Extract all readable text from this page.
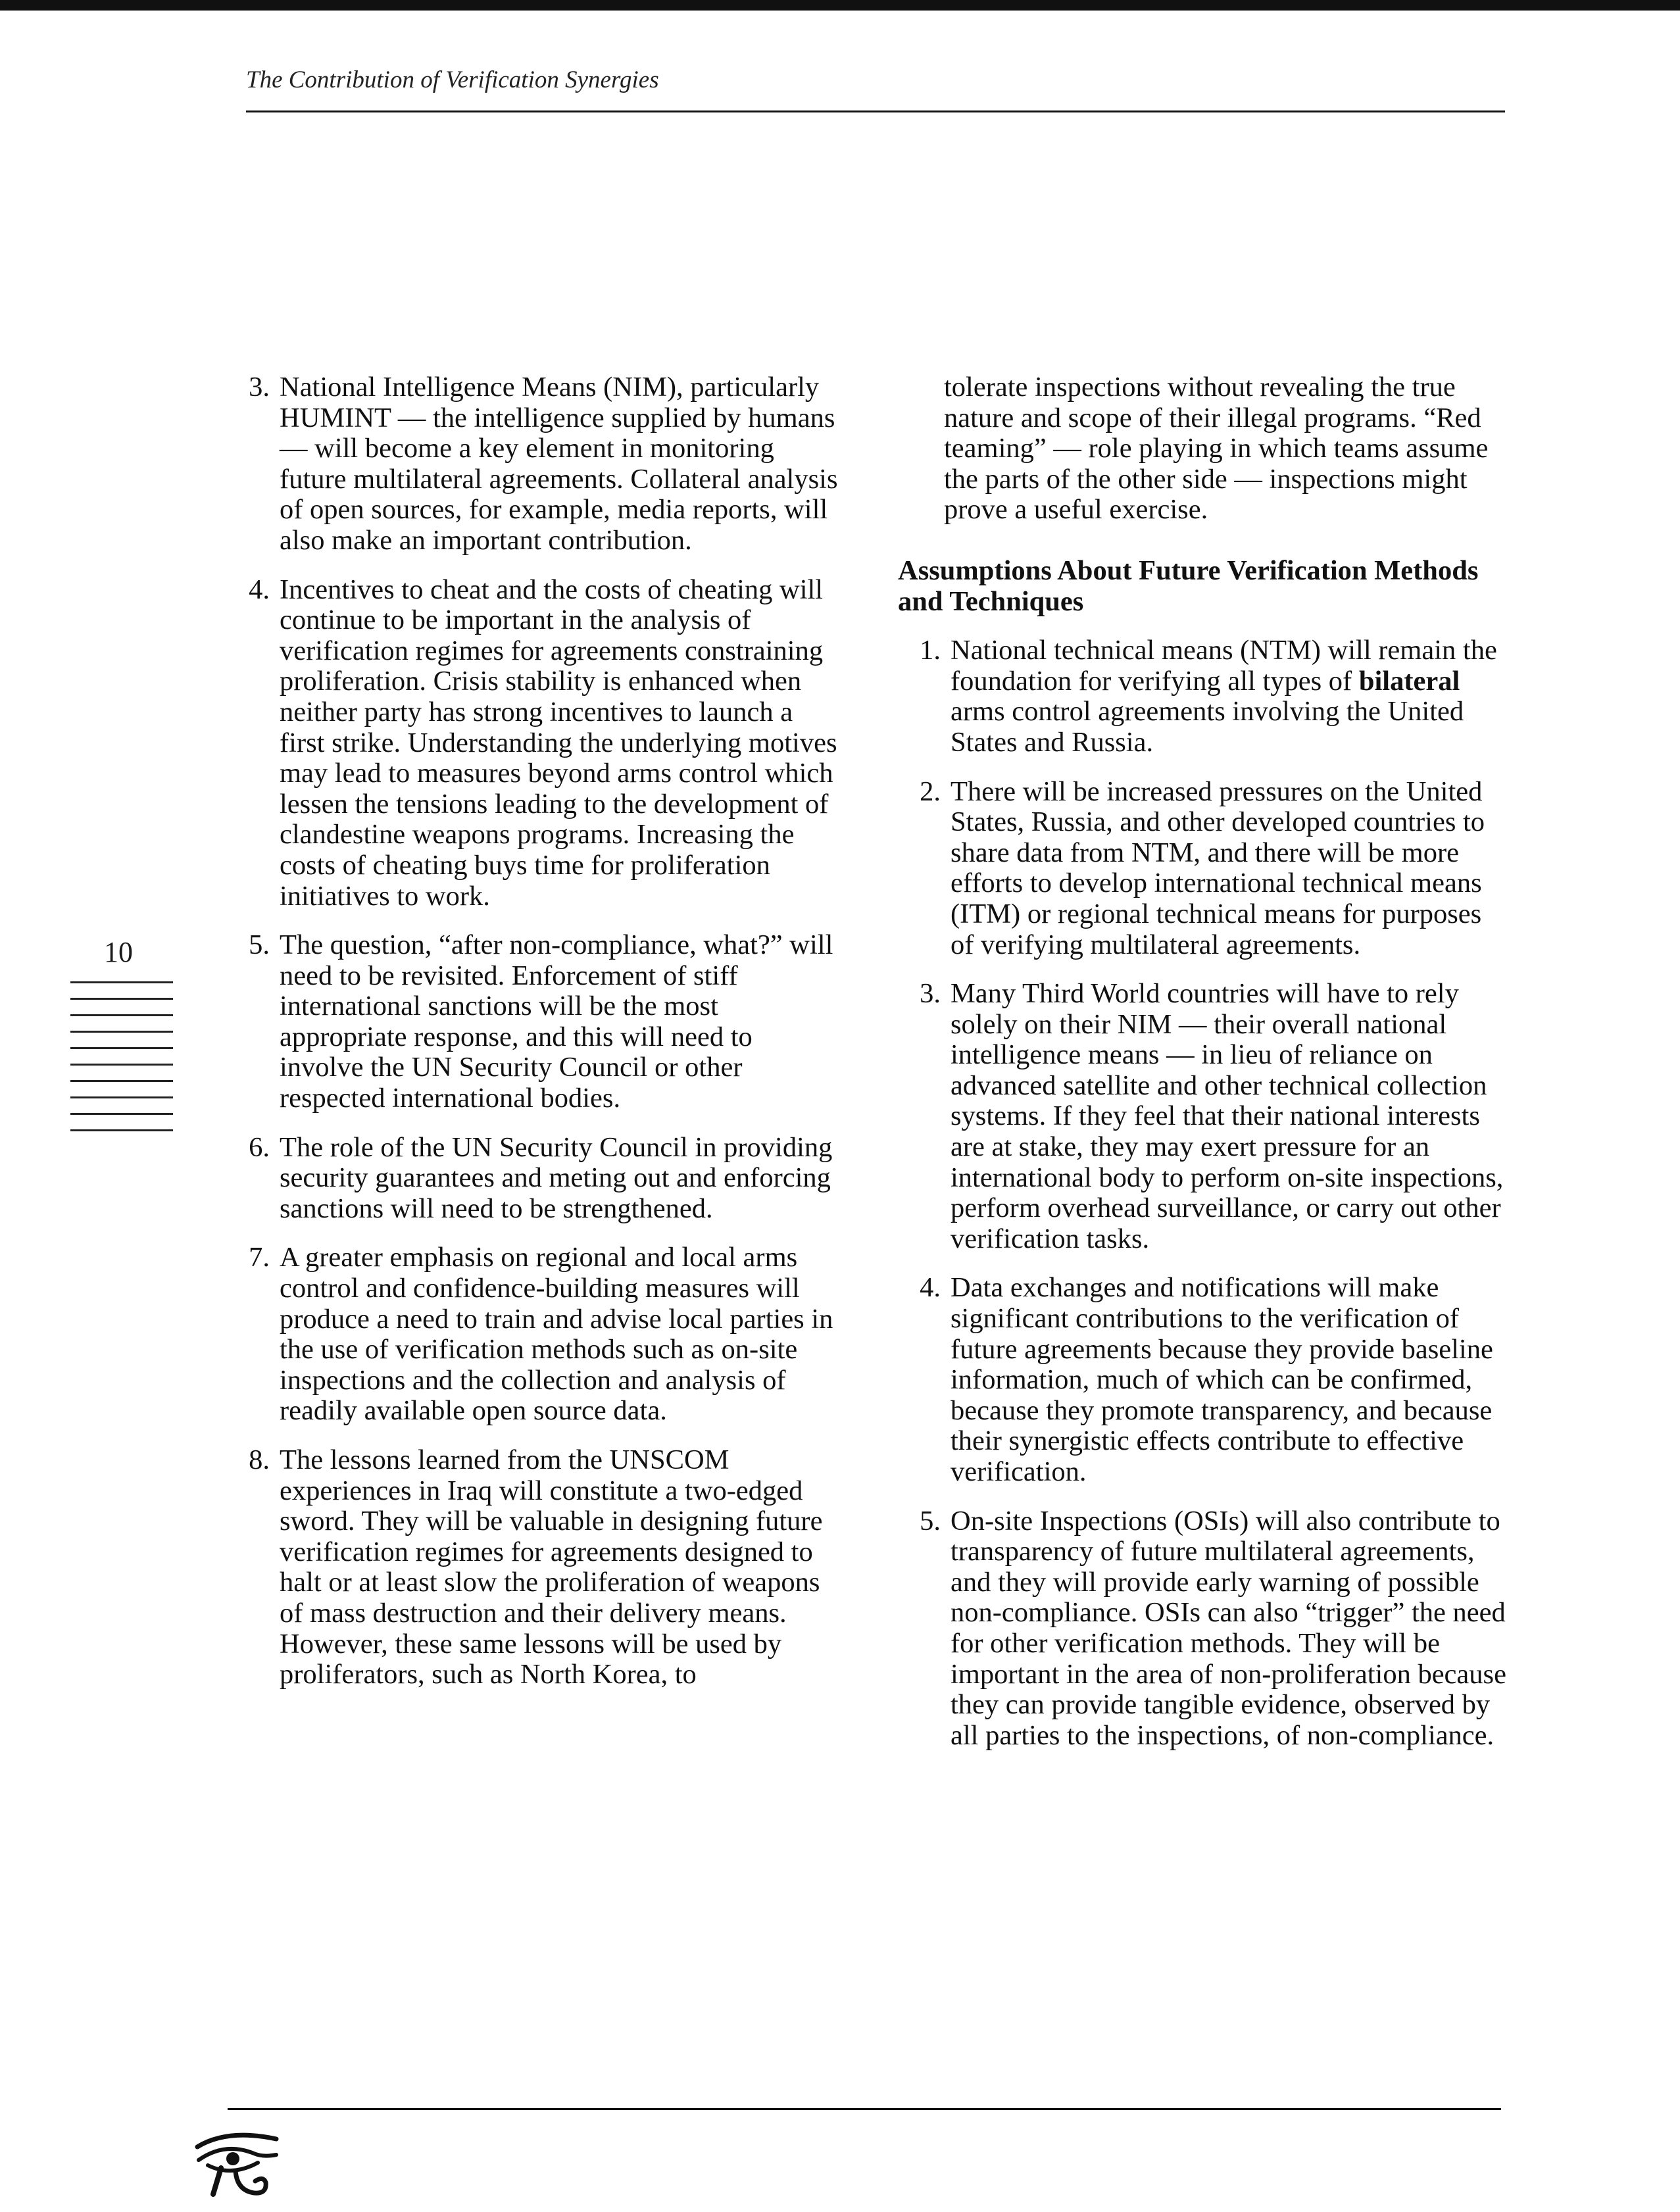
The Contribution of Verification Synergies
3. National Intelligence Means (NIM), particularly HUMINT — the intelligence supplied by humans — will become a key element in monitoring future multilateral agreements. Collateral analysis of open sources, for example, media reports, will also make an important contribution.
4. Incentives to cheat and the costs of cheating will continue to be important in the analysis of verification regimes for agreements constraining proliferation. Crisis stability is enhanced when neither party has strong incentives to launch a first strike. Understanding the underlying motives may lead to measures beyond arms control which lessen the tensions leading to the development of clandestine weapons programs. Increasing the costs of cheating buys time for proliferation initiatives to work.
5. The question, “after non-compliance, what?” will need to be revisited. Enforcement of stiff international sanctions will be the most appropriate response, and this will need to involve the UN Security Council or other respected international bodies.
6. The role of the UN Security Council in providing security guarantees and meting out and enforcing sanctions will need to be strengthened.
7. A greater emphasis on regional and local arms control and confidence-building measures will produce a need to train and advise local parties in the use of verification methods such as on-site inspections and the collection and analysis of readily available open source data.
8. The lessons learned from the UNSCOM experiences in Iraq will constitute a two-edged sword. They will be valuable in designing future verification regimes for agreements designed to halt or at least slow the proliferation of weapons of mass destruction and their delivery means. However, these same lessons will be used by proliferators, such as North Korea, to

tolerate inspections without revealing the true nature and scope of their illegal programs. “Red teaming” — role playing in which teams assume the parts of the other side — inspections might prove a useful exercise.

Assumptions About Future Verification Methods and Techniques
1. National technical means (NTM) will remain the foundation for verifying all types of bilateral arms control agreements involving the United States and Russia.
2. There will be increased pressures on the United States, Russia, and other developed countries to share data from NTM, and there will be more efforts to develop international technical means (ITM) or regional technical means for purposes of verifying multilateral agreements.
3. Many Third World countries will have to rely solely on their NIM — their overall national intelligence means — in lieu of reliance on advanced satellite and other technical collection systems. If they feel that their national interests are at stake, they may exert pressure for an international body to perform on-site inspections, perform overhead surveillance, or carry out other verification tasks.
4. Data exchanges and notifications will make significant contributions to the verification of future agreements because they provide baseline information, much of which can be confirmed, because they promote transparency, and because their synergistic effects contribute to effective verification.
5. On-site Inspections (OSIs) will also contribute to transparency of future multilateral agreements, and they will provide early warning of possible non-compliance. OSIs can also “trigger” the need for other verification methods. They will be important in the area of non-proliferation because they can provide tangible evidence, observed by all parties to the inspections, of non-compliance.
10
